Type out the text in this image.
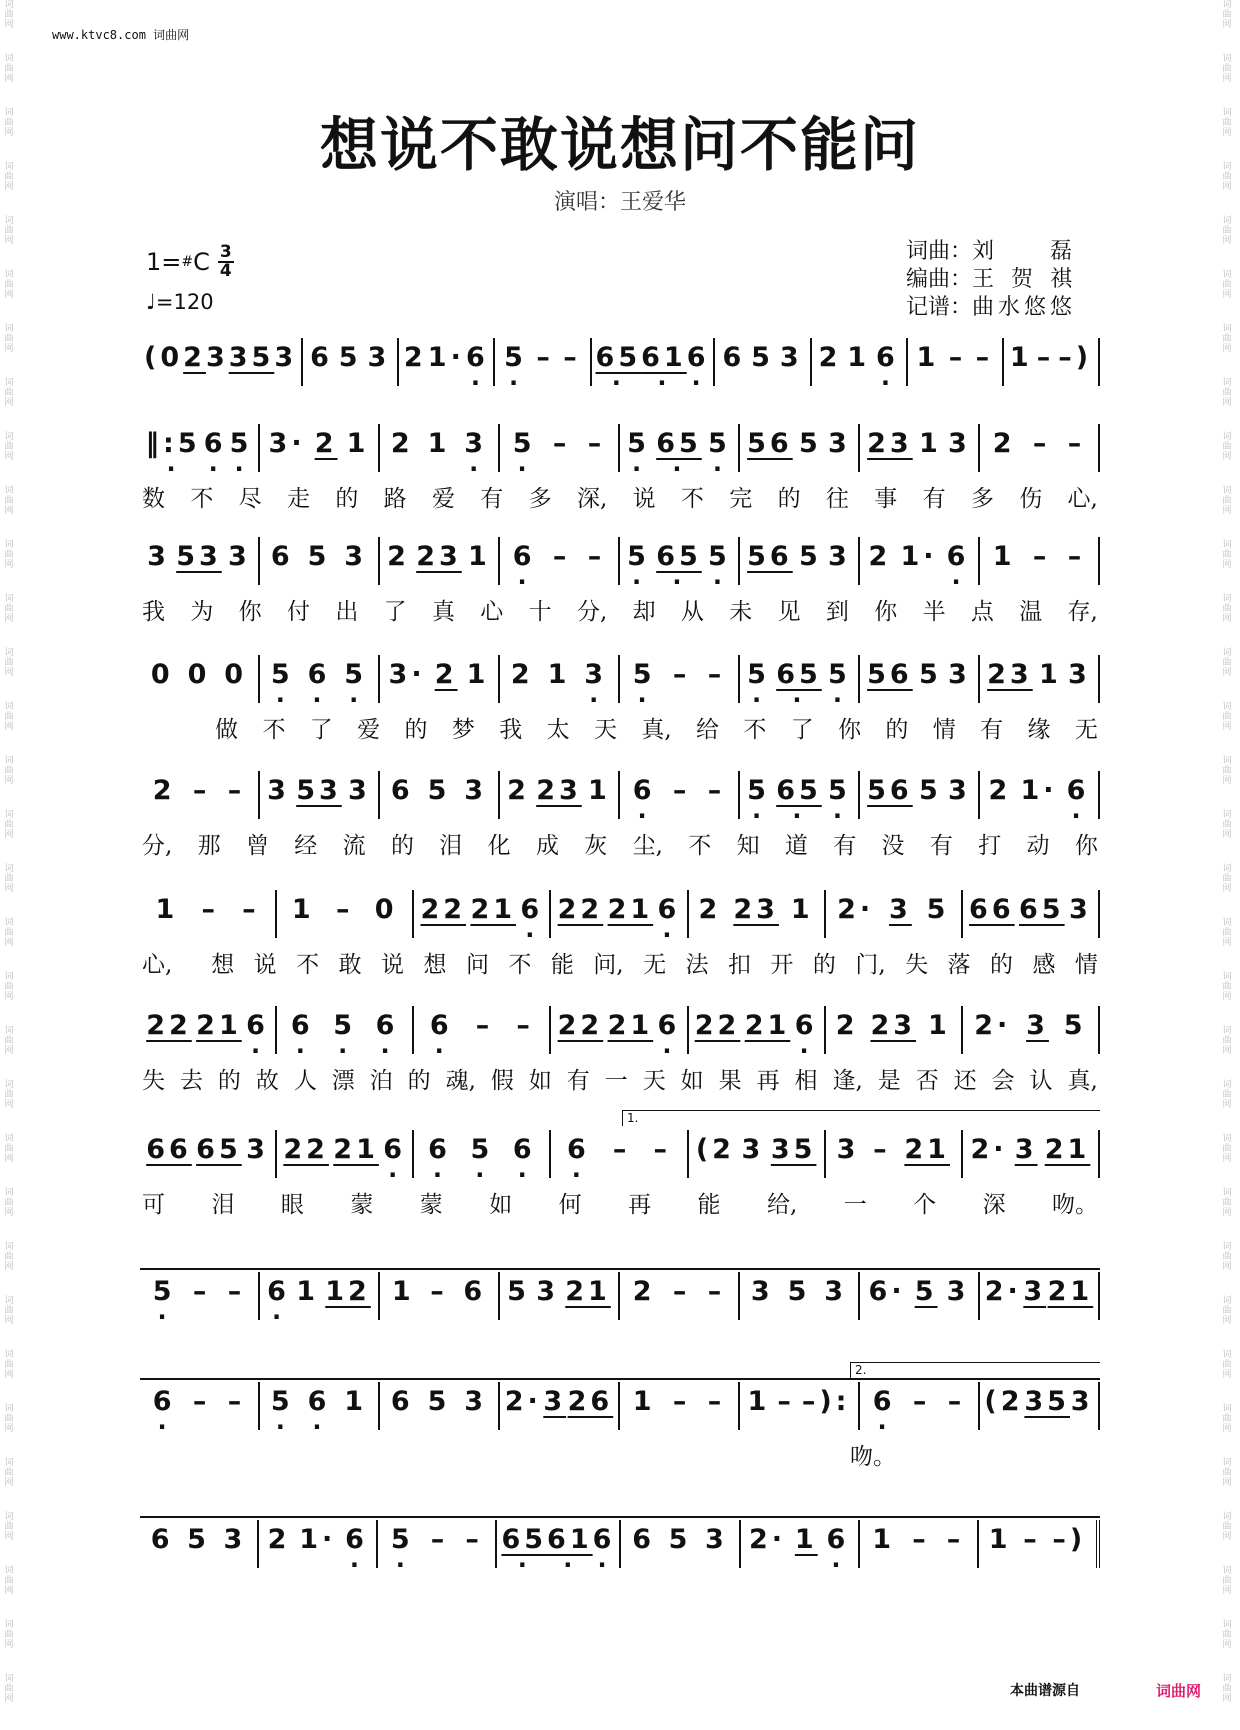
词
曲
网
词
曲
网
词
曲
网
词
曲
网
词
曲
网
词
曲
网
词
曲
网
词
曲
网
词
曲
网
词
曲
网
词
曲
网
词
曲
网
词
曲
网
词
曲
网
词
曲
网
词
曲
网
词
曲
网
词
曲
网
词
曲
网
词
曲
网
词
曲
网
词
曲
网
词
曲
网
词
曲
网
词
曲
网
词
曲
网
词
曲
网
词
曲
网
词
曲
网
词
曲
网
词
曲
网
词
曲
网
词
曲
网
词
曲
网
词
曲
网
词
曲
网
词
曲
网
词
曲
网
词
曲
网
词
曲
网
词
曲
网
词
曲
网
词
曲
网
词
曲
网
词
曲
网
词
曲
网
词
曲
网
词
曲
网
词
曲
网
词
曲
网
词
曲
网
词
曲
网
词
曲
网
词
曲
网
词
曲
网
词
曲
网
词
曲
网
词
曲
网
词
曲
网
词
曲
网
词
曲
网
词
曲
网
词
曲
网
词
曲
网
www.ktvc8.com 词曲网
想说不敢说想问不能问
演唱：王爱华
1= # C 3
4
♩=120
词曲：刘 磊
编曲：王贺祺
记谱：曲水悠悠
(0 2 3 35 3 6 5 3 2 1· 6 · 5 · – – 65 · 61 · 6 · 6 5 3 2 1 6 · 1 – – 1 – –)
‖:5 · 6 · 5 · 3· 2 1 2 1 3 · 5 · – – 5 · 65 · 5 · 56 5 3 23 1 3 2 – –
数 不 尽 走 的 路 爱 有 多 深, 说 不 完 的 往 事 有 多 伤 心,
3 53 3 6 5 3 2 23 1 6 · – – 5 · 65 · 5 · 56 5 3 2 1· 6 · 1 – –
我 为 你 付 出 了 真 心 十 分, 却 从 未 见 到 你 半 点 温 存,
0 0 0 5 · 6 · 5 · 3· 2 1 2 1 3 · 5 · – – 5 · 65 · 5 · 56 5 3 23 1 3
做 不 了 爱 的 梦 我 太 天 真, 给 不 了 你 的 情 有 缘 无
2 – – 3 53 3 6 5 3 2 23 1 6 · – – 5 · 65 · 5 · 56 5 3 2 1· 6 ·
分, 那 曾 经 流 的 泪 化 成 灰 尘, 不 知 道 有 没 有 打 动 你
1 – – 1 – 0 22 21 6 · 22 21 6 · 2 23 1 2· 3 5 66 65 3
心, 想 说 不 敢 说 想 问 不 能 问, 无 法 扣 开 的 门, 失 落 的 感 情
22 21 6 · 6 · 5 · 6 · 6 · – – 22 21 6 · 22 21 6 · 2 23 1 2· 3 5
失 去 的 故 人 漂 泊 的 魂, 假 如 有 一 天 如 果 再 相 逢, 是 否 还 会 认 真,
1.
66 65 3 22 21 6 · 6 · 5 · 6 · 6 · – – (2 3 35 3 – 21 2· 3 21
可 泪 眼 蒙 蒙 如 何 再 能 给, 一 个 深 吻。
5 · – – 6 · 1 12 1 – 6 5 3 21 2 – – 3 5 3 6· 5 3 2· 3 21
2.
6 · – – 5 · 6 · 1 6 5 3 2· 3 26 1 – – 1 – –): 6 · – – (2 35 3
吻。
6 5 3 2 1· 6 · 5 · – – 65 · 61 · 6 · 6 5 3 2· 1 6 · 1 – – 1 – –)
本曲谱源自	词曲网
